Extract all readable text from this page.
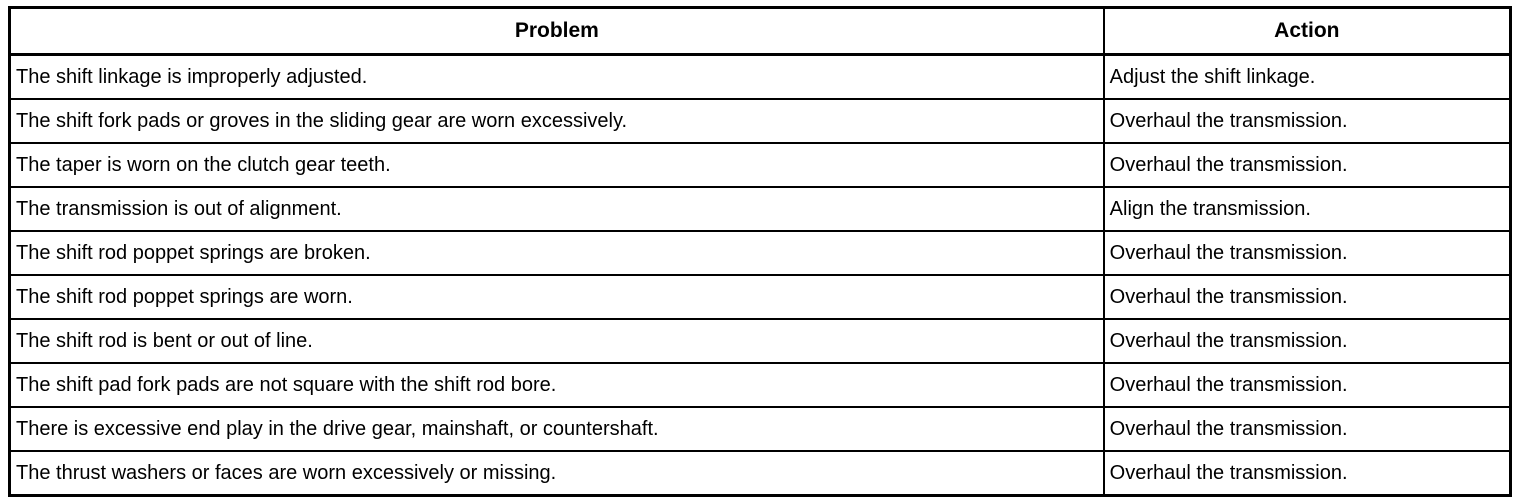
Problem	Action
The shift linkage is improperly adjusted.	Adjust the shift linkage.
The shift fork pads or groves in the sliding gear are worn excessively.	Overhaul the transmission.
The taper is worn on the clutch gear teeth.	Overhaul the transmission.
The transmission is out of alignment.	Align the transmission.
The shift rod poppet springs are broken.	Overhaul the transmission.
The shift rod poppet springs are worn.	Overhaul the transmission.
The shift rod is bent or out of line.	Overhaul the transmission.
The shift pad fork pads are not square with the shift rod bore.	Overhaul the transmission.
There is excessive end play in the drive gear, mainshaft, or countershaft.	Overhaul the transmission.
The thrust washers or faces are worn excessively or missing.	Overhaul the transmission.
